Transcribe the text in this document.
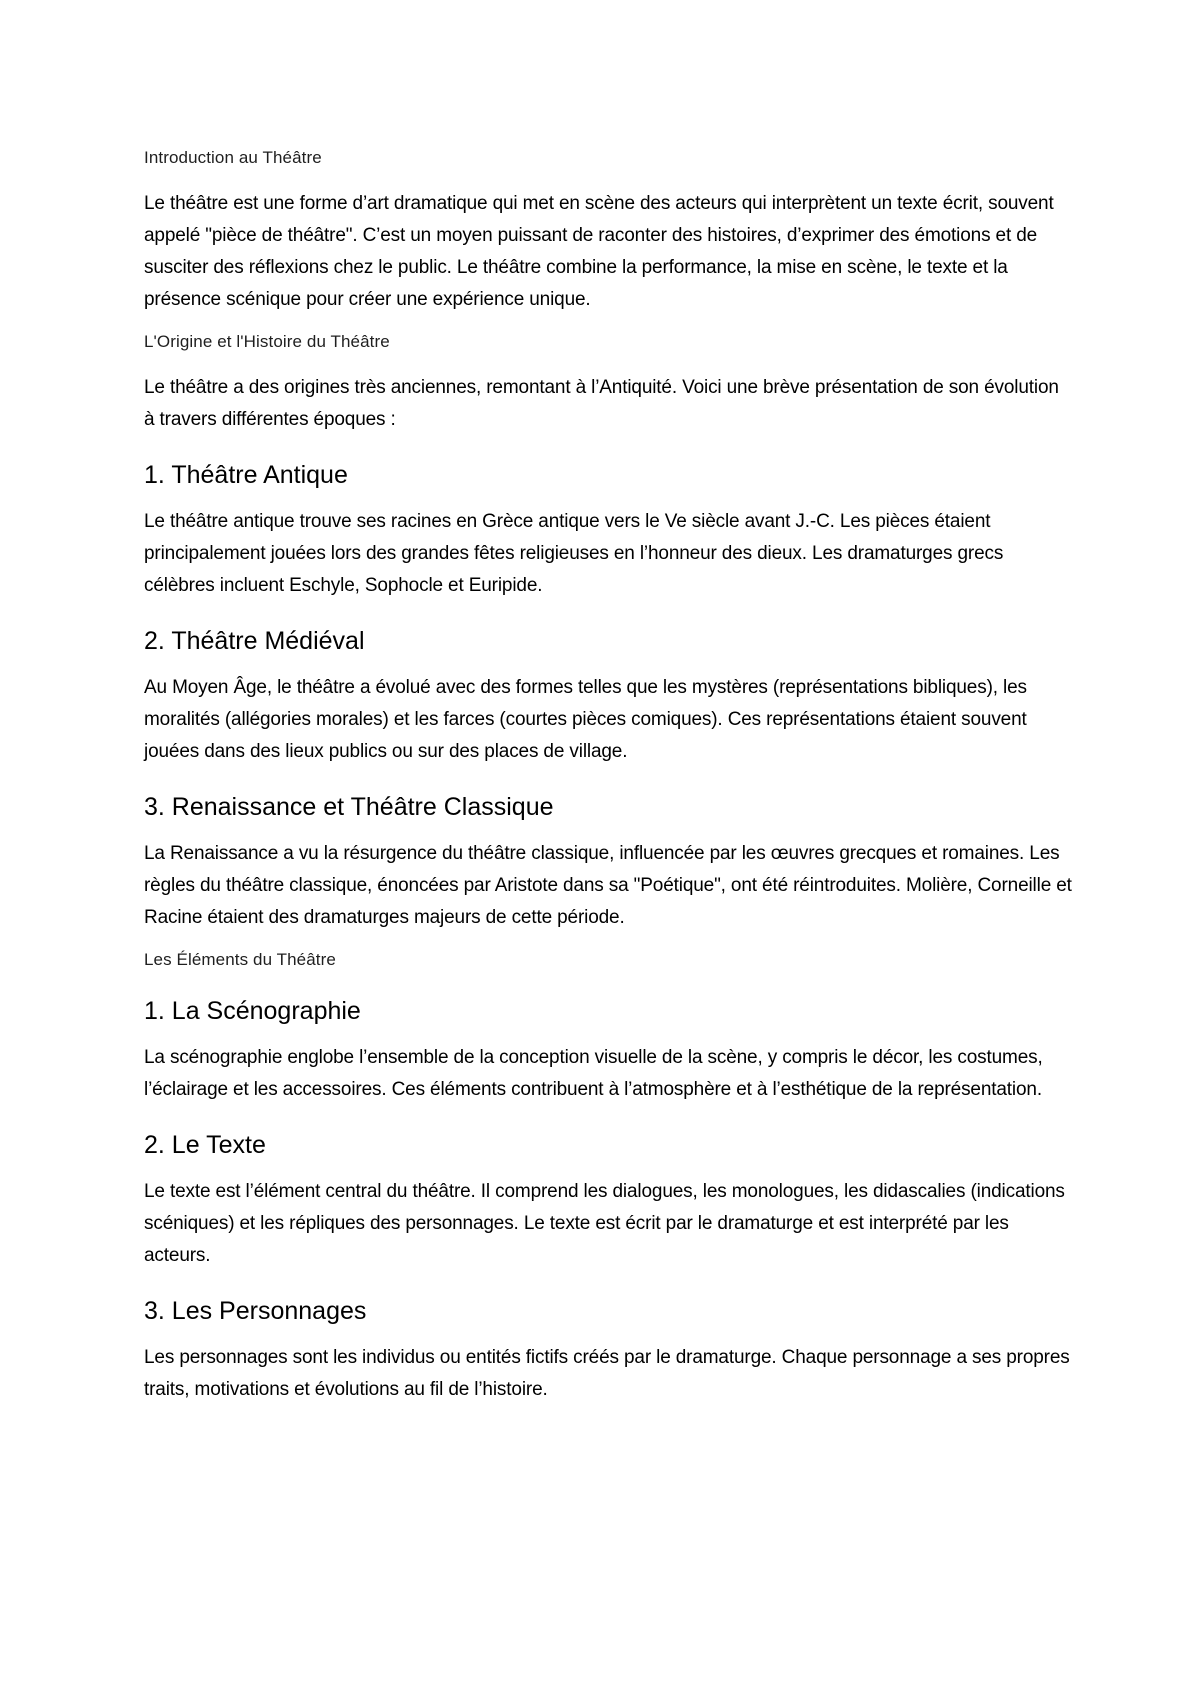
Introduction au Théâtre

Le théâtre est une forme d’art dramatique qui met en scène des acteurs qui interprètent un texte écrit, souvent appelé "pièce de théâtre". C’est un moyen puissant de raconter des histoires, d’exprimer des émotions et de susciter des réflexions chez le public. Le théâtre combine la performance, la mise en scène, le texte et la présence scénique pour créer une expérience unique.

L'Origine et l'Histoire du Théâtre

Le théâtre a des origines très anciennes, remontant à l’Antiquité. Voici une brève présentation de son évolution à travers différentes époques :

1. Théâtre Antique

Le théâtre antique trouve ses racines en Grèce antique vers le Ve siècle avant J.-C. Les pièces étaient principalement jouées lors des grandes fêtes religieuses en l’honneur des dieux. Les dramaturges grecs célèbres incluent Eschyle, Sophocle et Euripide.

2. Théâtre Médiéval

Au Moyen Âge, le théâtre a évolué avec des formes telles que les mystères (représentations bibliques), les moralités (allégories morales) et les farces (courtes pièces comiques). Ces représentations étaient souvent jouées dans des lieux publics ou sur des places de village.

3. Renaissance et Théâtre Classique

La Renaissance a vu la résurgence du théâtre classique, influencée par les œuvres grecques et romaines. Les règles du théâtre classique, énoncées par Aristote dans sa "Poétique", ont été réintroduites. Molière, Corneille et Racine étaient des dramaturges majeurs de cette période.

Les Éléments du Théâtre
1. La Scénographie

La scénographie englobe l’ensemble de la conception visuelle de la scène, y compris le décor, les costumes, l’éclairage et les accessoires. Ces éléments contribuent à l’atmosphère et à l’esthétique de la représentation.

2. Le Texte

Le texte est l’élément central du théâtre. Il comprend les dialogues, les monologues, les didascalies (indications scéniques) et les répliques des personnages. Le texte est écrit par le dramaturge et est interprété par les acteurs.

3. Les Personnages

Les personnages sont les individus ou entités fictifs créés par le dramaturge. Chaque personnage a ses propres traits, motivations et évolutions au fil de l’histoire.
